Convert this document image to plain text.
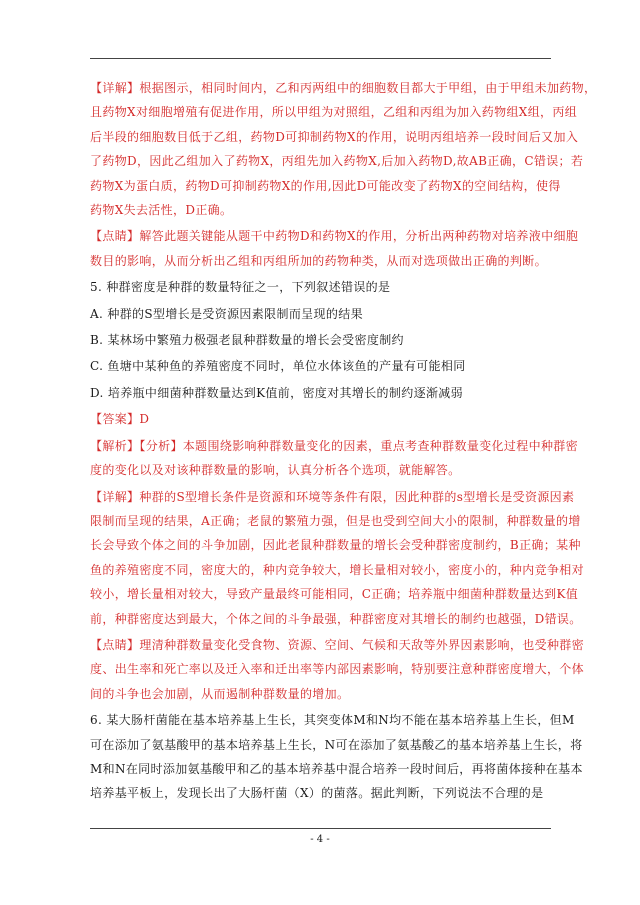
【详解】根据图示，相同时间内，乙和丙两组中的细胞数目都大于甲组，由于甲组未加药物，
且药物X对细胞增殖有促进作用，所以甲组为对照组，乙组和丙组为加入药物组X组，丙组
后半段的细胞数目低于乙组，药物D可抑制药物X的作用，说明丙组培养一段时间后又加入
了药物D，因此乙组加入了药物X，丙组先加入药物X,后加入药物D,故AB正确，C错误；若
药物X为蛋白质，药物D可抑制药物X的作用,因此D可能改变了药物X的空间结构，使得
药物X失去活性，D正确。
【点睛】解答此题关键能从题干中药物D和药物X的作用，分析出两种药物对培养液中细胞
数目的影响，从而分析出乙组和丙组所加的药物种类，从而对选项做出正确的判断。
5. 种群密度是种群的数量特征之一，下列叙述错误的是
A. 种群的S型增长是受资源因素限制而呈现的结果
B. 某林场中繁殖力极强老鼠种群数量的增长会受密度制约
C. 鱼塘中某种鱼的养殖密度不同时，单位水体该鱼的产量有可能相同
D. 培养瓶中细菌种群数量达到K值前，密度对其增长的制约逐渐减弱
【答案】D
【解析】【分析】本题围绕影响种群数量变化的因素，重点考查种群数量变化过程中种群密
度的变化以及对该种群数量的影响，认真分析各个选项，就能解答。
【详解】种群的S型增长条件是资源和环境等条件有限，因此种群的s型增长是受资源因素
限制而呈现的结果，A正确；老鼠的繁殖力强，但是也受到空间大小的限制，种群数量的增
长会导致个体之间的斗争加剧，因此老鼠种群数量的增长会受种群密度制约，B正确；某种
鱼的养殖密度不同，密度大的，种内竞争较大，增长量相对较小，密度小的，种内竞争相对
较小，增长量相对较大，导致产量最终可能相同，C正确；培养瓶中细菌种群数量达到K值
前，种群密度达到最大，个体之间的斗争最强，种群密度对其增长的制约也越强，D错误。
【点睛】理清种群数量变化受食物、资源、空间、气候和天敌等外界因素影响，也受种群密
度、出生率和死亡率以及迁入率和迁出率等内部因素影响，特别要注意种群密度增大，个体
间的斗争也会加剧，从而遏制种群数量的增加。
6. 某大肠杆菌能在基本培养基上生长，其突变体M和N均不能在基本培养基上生长，但M
可在添加了氨基酸甲的基本培养基上生长，N可在添加了氨基酸乙的基本培养基上生长，将
M和N在同时添加氨基酸甲和乙的基本培养基中混合培养一段时间后，再将菌体接种在基本
培养基平板上，发现长出了大肠杆菌（X）的菌落。据此判断，下列说法不合理的是
- 4 -
